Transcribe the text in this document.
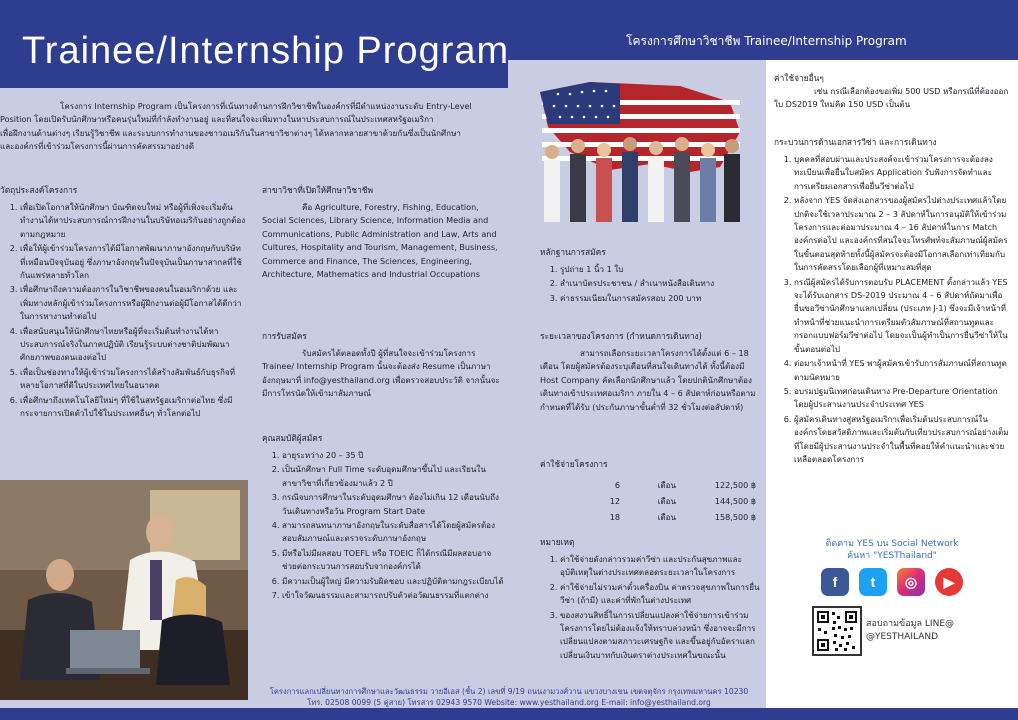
Trainee/Internship Program	โครงการศึกษาวิชาชีพ Trainee/Internship Program
โครงการ Internship Program เป็นโครงการที่เน้นทางด้านการฝึกวิชาชีพในองค์กรที่มีตำแหน่งงานระดับ Entry-Level
Position โดยเปิดรับนักศึกษาหรือคนรุ่นใหม่ที่กำลังทำงานอยู่ และที่สนใจจะเพิ่มทางในหาประสบการณ์ในประเทศสหรัฐอเมริกา
เพื่อฝึกงานด้านต่างๆ เรียนรู้วิชาชีพ และระบบการทำงานของชาวอเมริกันในสาขาวิชาต่างๆ ได้หลากหลายสาขาด้วยกันซึ่งเป็นนักศึกษา
และองค์กรที่เข้าร่วมโครงการนี้ผ่านการคัดสรรมาอย่างดี
วัตถุประสงค์โครงการ
1. เพื่อเปิดโอกาสให้นักศึกษา บัณฑิตจบใหม่ หรือผู้ที่เพิ่งจะเริ่มต้นทำงานได้หาประสบการณ์การฝึกงานในบริษัทอเมริกันอย่างถูกต้องตามกฎหมาย
2. เพื่อให้ผู้เข้าร่วมโครงการได้มีโอกาสพัฒนาภาษาอังกฤษกับบริษัทที่เหมือนปัจจุบันอยู่ ซึ่งภาษาอังกฤษในปัจจุบันเป็นภาษาสากลที่ใช้กันแพร่หลายทั่วโลก
3. เพื่อศึกษาถึงความต้องการในวิชาชีพของคนในอเมริกาด้วย และเพิ่มทางหลักผู้เข้าร่วมโครงการหรือผู้ฝึกงานต่อผู้มีโอกาสได้ดีกว่าในการหางานทำต่อไป
4. เพื่อสนับสนุนให้นักศึกษาไทยหรือผู้ที่จะเริ่มต้นทำงานได้หาประสบการณ์จริงในภาคปฏิบัติ เรียนรู้ระบบต่างชาติบ่มพัฒนาศักยภาพของตนเองต่อไป
5. เพื่อเป็นช่องทางให้ผู้เข้าร่วมโครงการได้สร้างสัมพันธ์กับธุรกิจที่หลายโอกาสที่ดีในประเทศไทยในอนาคต
6. เพื่อศึกษาถึงเทคโนโลยีใหม่ๆ ที่ใช้ในสหรัฐอเมริกาต่อไทย ซึ่งมีกระจายการเปิดตัวไปใช้ในประเทศอื่นๆ ทั่วโลกต่อไป
สาขาวิชาที่เปิดให้ศึกษาวิชาชีพ
คือ Agriculture, Forestry, Fishing, Education, Social Sciences, Library Science, Information Media and Communications, Public Administration and Law, Arts and Cultures, Hospitality and Tourism, Management, Business, Commerce and Finance, The Sciences, Engineering, Architecture, Mathematics and Industrial Occupations
การรับสมัคร
รับสมัครได้ตลอดทั้งปี ผู้ที่สนใจจะเข้าร่วมโครงการ Trainee/ Internship Program นั้นจะต้องส่ง Resume เป็นภาษาอังกฤษมาที่ info@yesthailand.org เพื่อตรวจสอบประวัติ จากนั้นจะมีการโทรนัดให้เข้ามาสัมภาษณ์
คุณสมบัติผู้สมัคร
1. อายุระหว่าง 20 – 35 ปี
2. เป็นนักศึกษา Full Time ระดับอุดมศึกษาขึ้นไป และเรียนในสาขาวิชาที่เกี่ยวข้องมาแล้ว 2 ปี
3. กรณีจบการศึกษาในระดับอุดมศึกษา ต้องไม่เกิน 12 เดือนนับถึงวันเดินทางหรือวัน Program Start Date
4. สามารถสนทนาภาษาอังกฤษในระดับสื่อสารได้โดยผู้สมัครต้องสอบสัมภาษณ์และตรวจระดับภาษาอังกฤษ
5. มีหรือไม่มีผลสอบ TOEFL หรือ TOEIC ก็ได้กรณีมีผลสอบอาจช่วยต่อกระบวนการสอบรับจากองค์กรได้
6. มีความเป็นผู้ใหญ่ มีความรับผิดชอบ และปฏิบัติตามกฎระเบียบได้
7. เข้าใจวัฒนธรรมและสามารถปรับตัวต่อวัฒนธรรมที่แตกต่าง
หลักฐานการสมัคร
1. รูปถ่าย 1 นิ้ว 1 ใบ
2. สำเนาบัตรประชาชน / สำเนาหนังสือเดินทาง
3. ค่าธรรมเนียมในการสมัครสอบ 200 บาท
ระยะเวลาของโครงการ (กำหนดการเดินทาง)
สามารถเลือกระยะเวลาโครงการได้ตั้งแต่ 6 – 18 เดือน โดยผู้สมัครต้องระบุเดือนที่สนใจเดินทางได้ ทั้งนี้ต้องมี Host Company คัดเลือกนักศึกษาแล้ว โดยปกตินักศึกษาต้องเดินทางเข้าประเทศอเมริกา ภายใน 4 – 6 สัปดาห์ก่อนหรือตามกำหนดที่ได้รับ (ประกันภาษาขั้นต่ำที่ 32 ชั่วโมงต่อสัปดาห์)
ค่าใช้จ่ายโครงการ
6	เดือน	122,500 ฿
12	เดือน	144,500 ฿
18	เดือน	158,500 ฿
หมายเหตุ
1. ค่าใช้จ่ายดังกล่าวรวมค่าวีซ่า และประกันสุขภาพและอุบัติเหตุในต่างประเทศตลอดระยะเวลาในโครงการ
2. ค่าใช้จ่ายไม่รวมค่าตั๋วเครื่องบิน ค่าตรวจสุขภาพในการยื่นวีซ่า (ถ้ามี) และค่าที่พักในต่างประเทศ
3. ของสงวนสิทธิ์ในการเปลี่ยนแปลงค่าใช้จ่ายการเข้าร่วมโครงการโดยไม่ต้องแจ้งให้ทราบล่วงหน้า ซึ่งอาจจะมีการเปลี่ยนแปลงตามสภาวะเศรษฐกิจ และขึ้นอยู่กับอัตราแลกเปลี่ยนเงินบาทกับเงินตราต่างประเทศในขณะนั้น
ค่าใช้จ่ายอื่นๆ
เช่น กรณีเลือกต้องขอเพิ่ม 500 USD หรือกรณีที่ต้องออกใบ DS2019 ใหม่คิด 150 USD เป็นต้น
กระบวนการด้านเอกสารวีซ่า และการเดินทาง
1. บุคคลที่สอบผ่านและประสงค์จะเข้าร่วมโครงการจะต้องลงทะเบียนเพื่อยื่นใบสมัคร Application รับฟังการจัดทำและการเตรียมเอกสารเพื่อยื่นวีซ่าต่อไป
2. หลังจาก YES จัดส่งเอกสารของผู้สมัครไปต่างประเทศแล้วโดยปกติจะใช้เวลาประมาณ 2 – 3 สัปดาห์ในการอนุมัติให้เข้าร่วมโครงการและต่อมาประมาณ 4 – 16 สัปดาห์ในการ Match องค์กรต่อไป และองค์กรที่สนใจจะโทรศัพท์จะสัมภาษณ์ผู้สมัครในขั้นตอนสุดท้ายทั้งนี้ผู้สมัครจะต้องมีโอกาสเลือกเท่าเทียมกับในการคัดสรรโดยเลือกผู้ที่เหมาะสมที่สุด
3. กรณีผู้สมัครได้รับการตอบรับ PLACEMENT ตั้งกล่าวแล้ว YES จะได้รับเอกสาร DS-2019 ประมาณ 4 – 6 สัปดาห์ถัดมาเพื่อยื่นขอวีซ่านักศึกษาแลกเปลี่ยน (ประเภท J-1) ซึ่งจะมีเจ้าหน้าที่ทำหน้าที่ช่วยแนะนำการเตรียมตัวสัมภาษณ์ที่สถานทูตและกรอกแบบฟอร์มวีซ่าต่อไป โดยจะเป็นผู้ทำเป็นการยื่นวีซ่าให้ในขั้นตอนต่อไป
4. ต่อมาเจ้าหน้าที่ YES พาผู้สมัครเข้ารับการสัมภาษณ์ที่สถานทูตตามนัดหมาย
5. อบรมปฐมนิเทศก่อนเดินทาง Pre-Departure Orientation โดยผู้ประสานงานประจำประเทศ YES
6. ผู้สมัครเดินทางสู่สหรัฐอเมริกาเพื่อเริ่มต้นประสบการณ์ในองค์กรโดยสวัสดิภาพและเริ่มต้นกับเที่ยวประสบการณ์อย่างเต็มที่โดยมีผู้ประสานงานประจำในพื้นที่คอยให้คำแนะนำและช่วยเหลือตลอดโครงการ
ติดตาม YES บน Social Network
ค้นหา "YESThailand"
f	t	◎	▶
สอบถามข้อมูล LINE@
@YESTHAILAND
โครงการแลกเปลี่ยนทางการศึกษาและวัฒนธรรม วายอีเอส (ชั้น 2) เลขที่ 9/19 ถนนงามวงศ์วาน แขวงบางเขน เขตจตุจักร กรุงเทพมหานคร 10230
โทร. 02508 0099 (5 คู่สาย) โทรสาร 02943 9570 Website: www.yesthailand.org E-mail: info@yesthailand.org
